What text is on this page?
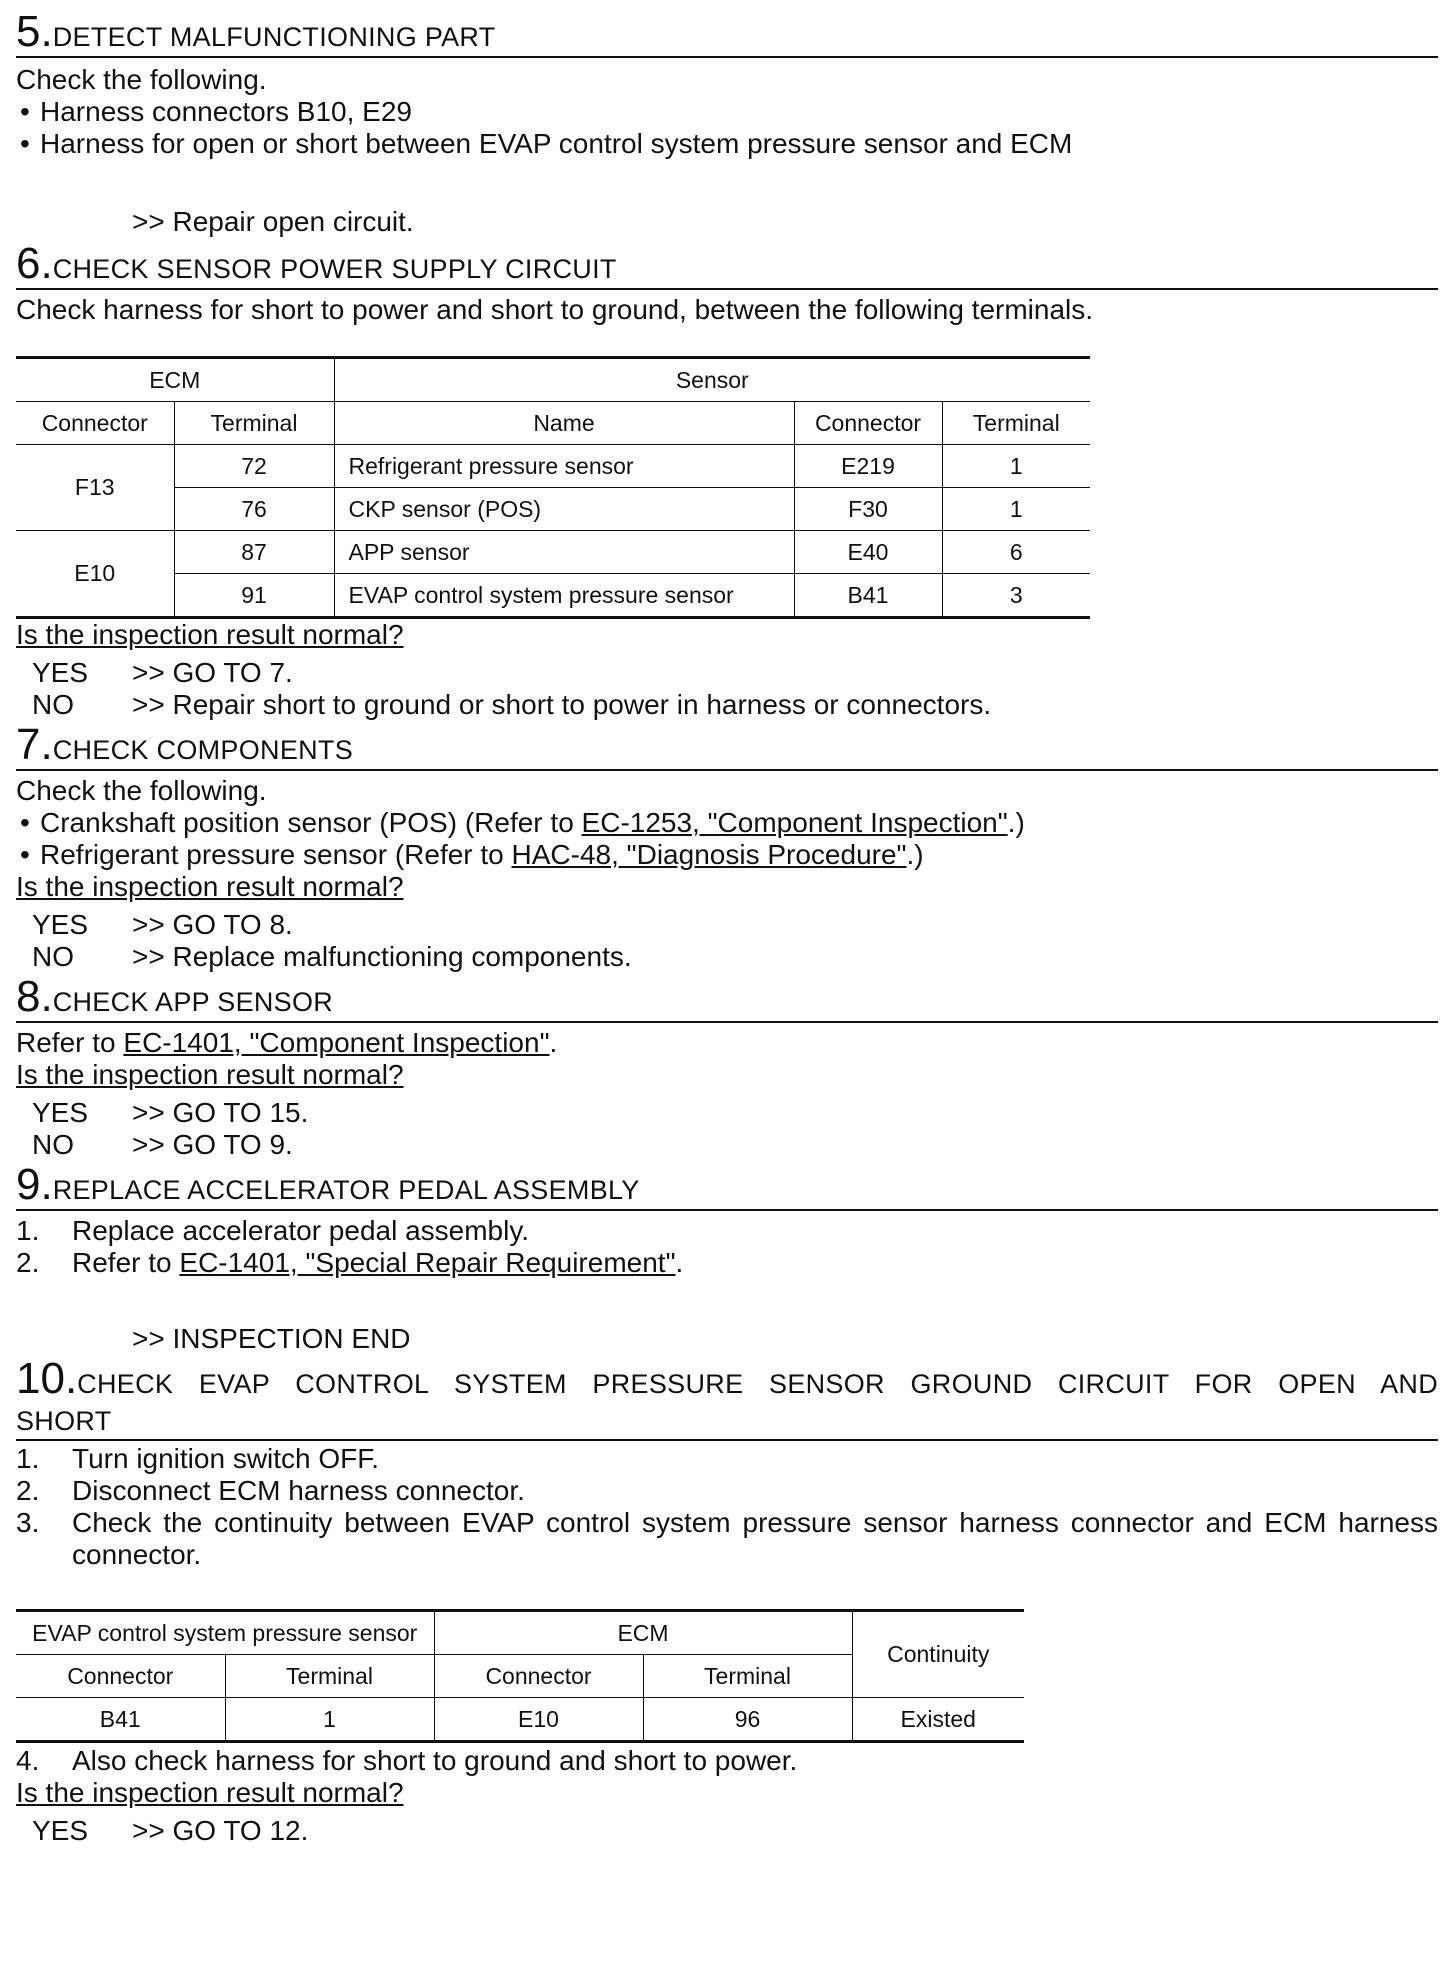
5. DETECT MALFUNCTIONING PART

Check the following.

• Harness connectors B10, E29
• Harness for open or short between EVAP control system pressure sensor and ECM
>> Repair open circuit.
6. CHECK SENSOR POWER SUPPLY CIRCUIT

Check harness for short to power and short to ground, between the following terminals.

ECM		Sensor		
Connector	Terminal	Name	Connector	Terminal
F13	72	Refrigerant pressure sensor	E219	1
	76	CKP sensor (POS)	F30	1
E10	87	APP sensor	E40	6
	91	EVAP control system pressure sensor	B41	3
Is the inspection result normal?
YES	>> GO TO 7.
NO	>> Repair short to ground or short to power in harness or connectors.
7. CHECK COMPONENTS

Check the following.

• Crankshaft position sensor (POS) (Refer to EC-1253, "Component Inspection".)
• Refrigerant pressure sensor (Refer to HAC-48, "Diagnosis Procedure".)
Is the inspection result normal?
YES	>> GO TO 8.
NO	>> Replace malfunctioning components.
8. CHECK APP SENSOR

Refer to EC-1401, "Component Inspection".

Is the inspection result normal?
YES	>> GO TO 15.
NO	>> GO TO 9.
9. REPLACE ACCELERATOR PEDAL ASSEMBLY
1.	Replace accelerator pedal assembly.
2.	Refer to EC-1401, "Special Repair Requirement".
>> INSPECTION END
10. CHECK EVAP CONTROL SYSTEM PRESSURE SENSOR GROUND CIRCUIT FOR OPEN AND
SHORT
1.	Turn ignition switch OFF.
2.	Disconnect ECM harness connector.
3.	Check the continuity between EVAP control system pressure sensor harness connector and ECM harness connector.
EVAP control system pressure sensor		ECM		Continuity
Connector	Terminal	Connector	Terminal	
B41	1	E10	96	Existed
4.	Also check harness for short to ground and short to power.
Is the inspection result normal?
YES	>> GO TO 12.
